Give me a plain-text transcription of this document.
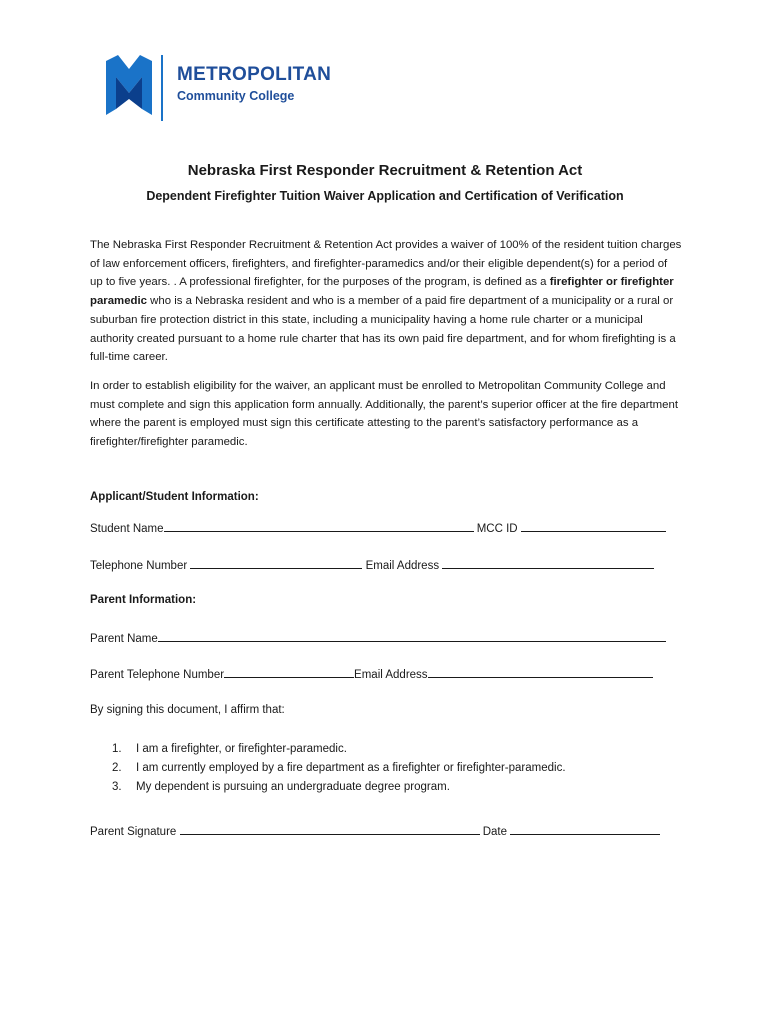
METROPOLITAN
Community College
Nebraska First Responder Recruitment & Retention Act
Dependent Firefighter Tuition Waiver Application and Certification of Verification

The Nebraska First Responder Recruitment & Retention Act provides a waiver of 100% of the resident tuition charges of law enforcement officers, firefighters, and firefighter-paramedics and/or their eligible dependent(s) for a period of up to five years. . A professional firefighter, for the purposes of the program, is defined as a firefighter or firefighter paramedic who is a Nebraska resident and who is a member of a paid fire department of a municipality or a rural or suburban fire protection district in this state, including a municipality having a home rule charter or a municipal authority created pursuant to a home rule charter that has its own paid fire department, and for whom firefighting is a full-time career.

In order to establish eligibility for the waiver, an applicant must be enrolled to Metropolitan Community College and must complete and sign this application form annually. Additionally, the parent’s superior officer at the fire department where the parent is employed must sign this certificate attesting to the parent’s satisfactory performance as a firefighter/firefighter paramedic.

Applicant/Student Information:
Student Name	MCC ID
Telephone Number	Email Address
Parent Information:
Parent Name
Parent Telephone Number	Email Address
By signing this document, I affirm that:
1. I am a firefighter, or firefighter-paramedic.
2. I am currently employed by a fire department as a firefighter or firefighter-paramedic.
3. My dependent is pursuing an undergraduate degree program.
Parent Signature	Date
